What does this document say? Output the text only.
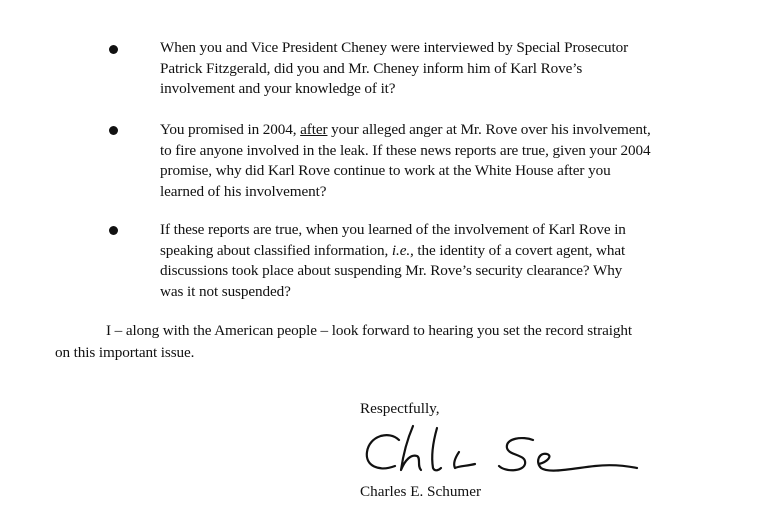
When you and Vice President Cheney were interviewed by Special Prosecutor
Patrick Fitzgerald, did you and Mr. Cheney inform him of Karl Rove’s
involvement and your knowledge of it?
You promised in 2004, after your alleged anger at Mr. Rove over his involvement,
to fire anyone involved in the leak. If these news reports are true, given your 2004
promise, why did Karl Rove continue to work at the White House after you
learned of his involvement?
If these reports are true, when you learned of the involvement of Karl Rove in
speaking about classified information, i.e., the identity of a covert agent, what
discussions took place about suspending Mr. Rove’s security clearance? Why
was it not suspended?
I – along with the American people – look forward to hearing you set the record straight
on this important issue.
Respectfully,
Charles E. Schumer
